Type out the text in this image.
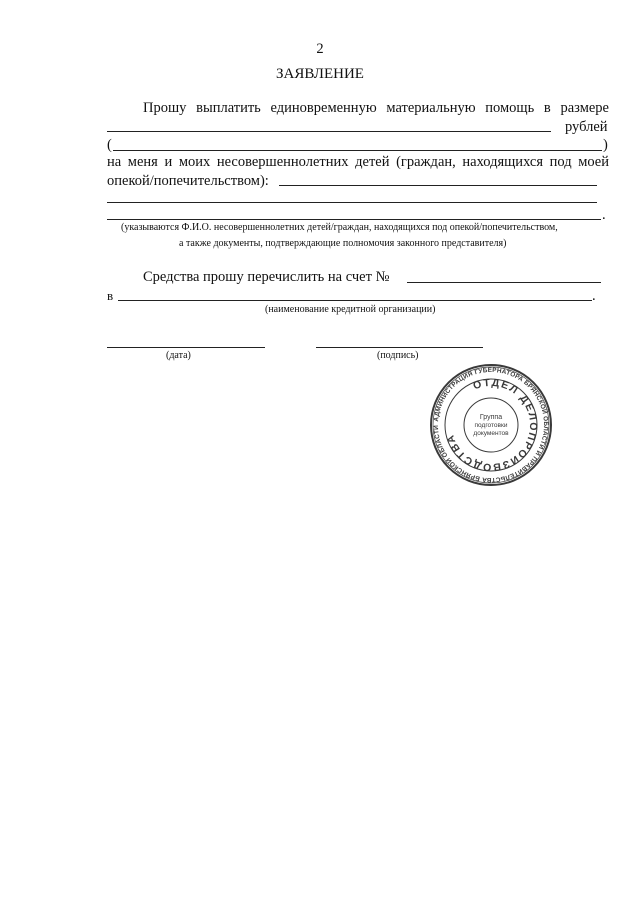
2
ЗАЯВЛЕНИЕ
Прошу выплатить единовременную материальную помощь в размере
рублей
(	)
на меня и моих несовершеннолетних детей (граждан, находящихся под моей
опекой/попечительством):
.
(указываются Ф.И.О. несовершеннолетних детей/граждан, находящихся под опекой/попечительством,
а также документы, подтверждающие полномочия законного представителя)
Средства прошу перечислить на счет №
в	.
(наименование кредитной организации)
(дата)	(подпись)
АДМИНИСТРАЦИЯ ГУБЕРНАТОРА БРЯНСКОЙ ОБЛАСТИ И ПРАВИТЕЛЬСТВА БРЯНСКОЙ ОБЛАСТИ
ОТДЕЛ ДЕЛОПРОИЗВОДСТВА
Группа
подготовки
документов
